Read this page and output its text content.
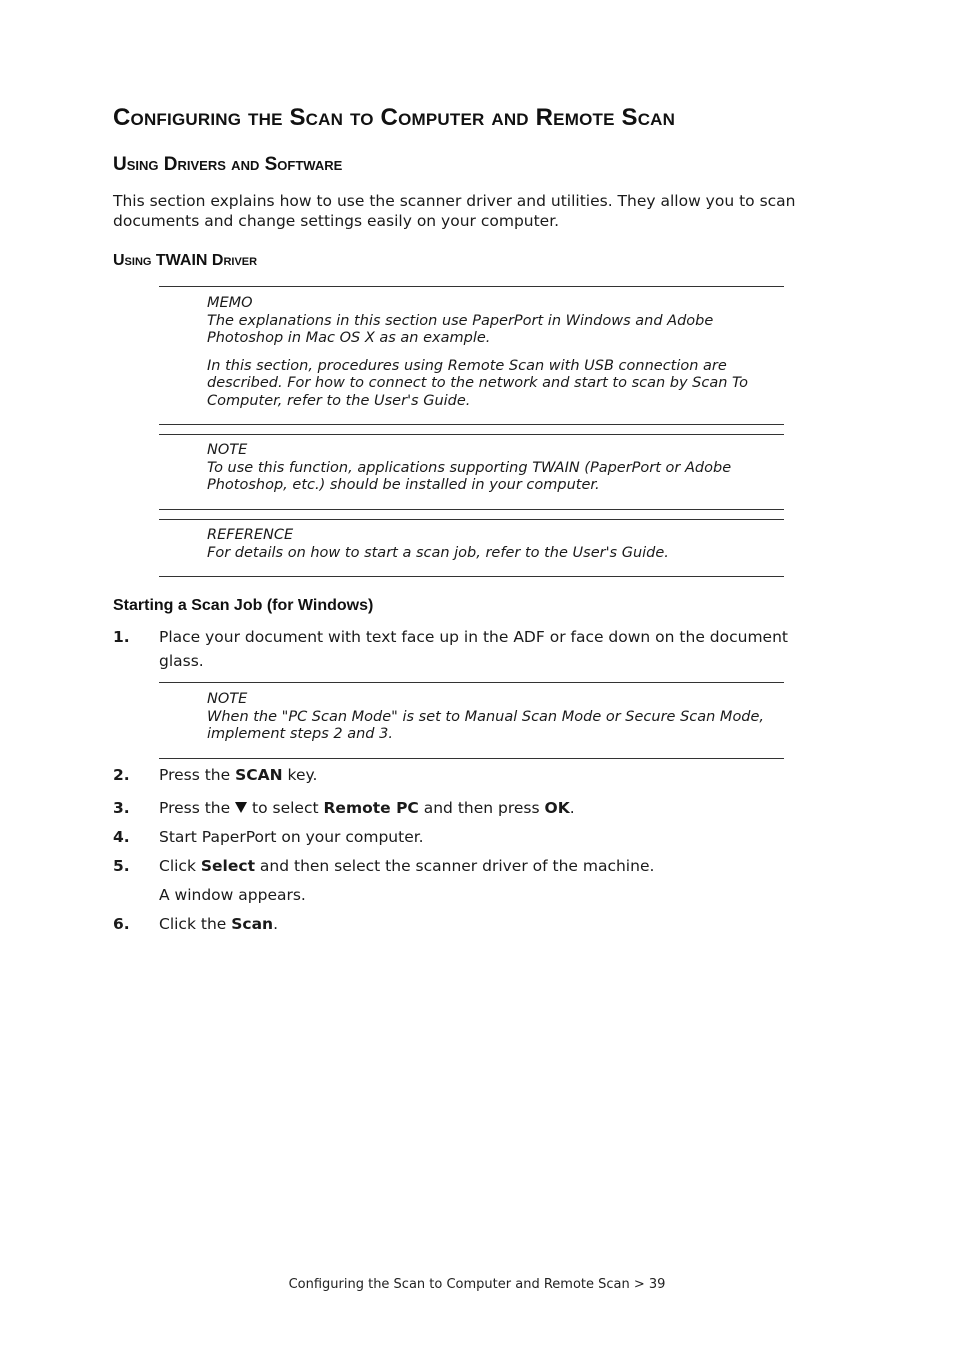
Configuring the Scan to Computer and Remote Scan
Using Drivers and Software
This section explains how to use the scanner driver and utilities. They allow you to scan documents and change settings easily on your computer.
Using TWAIN Driver

MEMO

The explanations in this section use PaperPort in Windows and Adobe Photoshop in Mac OS X as an example.

In this section, procedures using Remote Scan with USB connection are described. For how to connect to the network and start to scan by Scan To Computer, refer to the User's Guide.

NOTE

To use this function, applications supporting TWAIN (PaperPort or Adobe Photoshop, etc.) should be installed in your computer.

REFERENCE

For details on how to start a scan job, refer to the User's Guide.

Starting a Scan Job (for Windows)
1. Place your document with text face up in the ADF or face down on the document glass.

NOTE

When the "PC Scan Mode" is set to Manual Scan Mode or Secure Scan Mode, implement steps 2 and 3.

2. Press the SCAN key.
3. Press the  to select Remote PC and then press OK.
4. Start PaperPort on your computer.
5. Click Select and then select the scanner driver of the machine.
A window appears.
6. Click the Scan.
Configuring the Scan to Computer and Remote Scan > 39
